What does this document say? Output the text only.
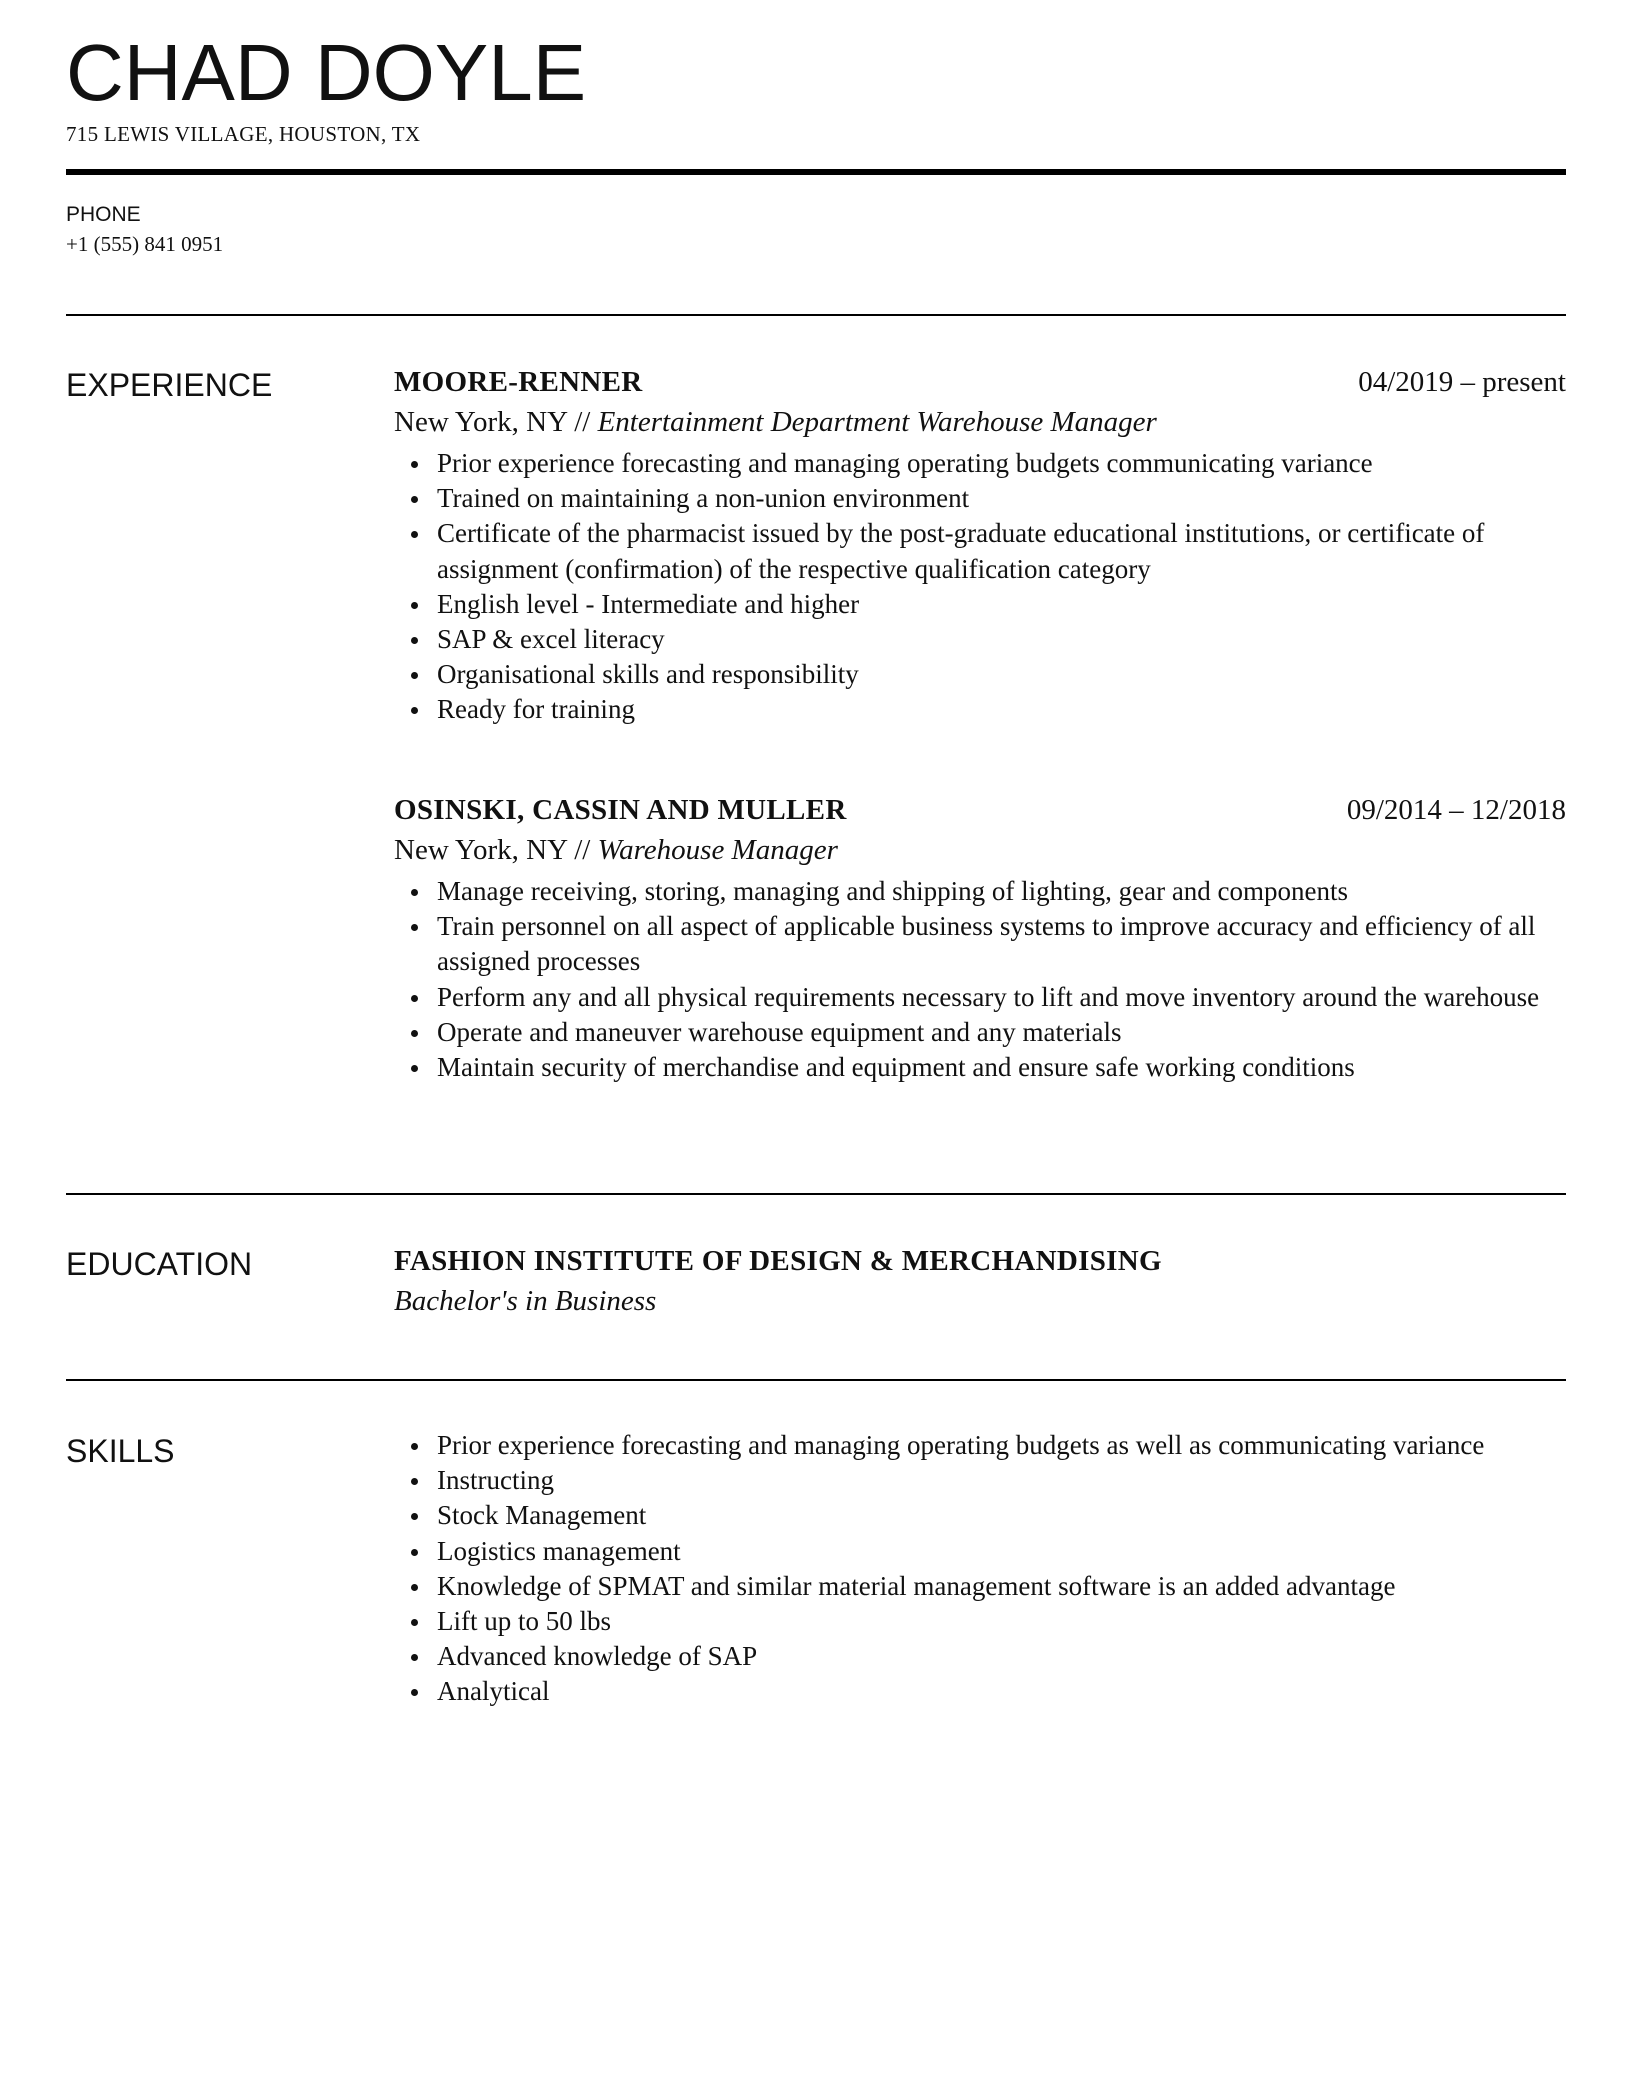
CHAD DOYLE
715 LEWIS VILLAGE, HOUSTON, TX
PHONE
+1 (555) 841 0951
EXPERIENCE	MOORE-RENNER	04/2019 – present
New York, NY // Entertainment Department Warehouse Manager
Prior experience forecasting and managing operating budgets communicating variance
Trained on maintaining a non-union environment
Certificate of the pharmacist issued by the post-graduate educational institutions, or certificate of assignment (confirmation) of the respective qualification category
English level - Intermediate and higher
SAP & excel literacy
Organisational skills and responsibility
Ready for training
OSINSKI, CASSIN AND MULLER	09/2014 – 12/2018
New York, NY // Warehouse Manager
Manage receiving, storing, managing and shipping of lighting, gear and components
Train personnel on all aspect of applicable business systems to improve accuracy and efficiency of all assigned processes
Perform any and all physical requirements necessary to lift and move inventory around the warehouse
Operate and maneuver warehouse equipment and any materials
Maintain security of merchandise and equipment and ensure safe working conditions
EDUCATION	FASHION INSTITUTE OF DESIGN & MERCHANDISING
Bachelor's in Business
SKILLS	Prior experience forecasting and managing operating budgets as well as communicating variance
Instructing
Stock Management
Logistics management
Knowledge of SPMAT and similar material management software is an added advantage
Lift up to 50 lbs
Advanced knowledge of SAP
Analytical
